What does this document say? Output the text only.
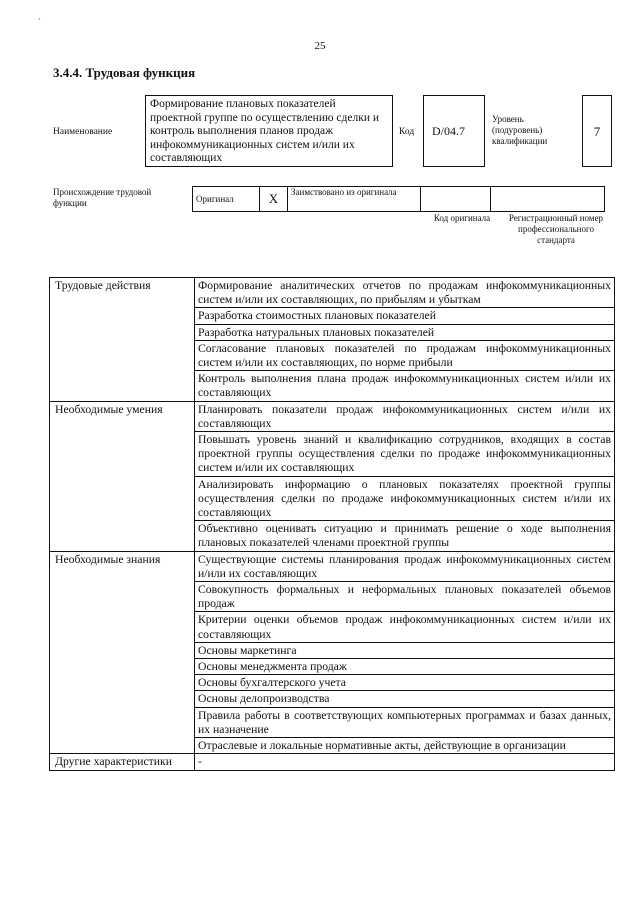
·
25
3.4.4. Трудовая функция
Наименование
Формирование плановых показателей проектной группе по осуществлению сделки и контроль выполнения планов продаж инфокоммуникационных систем и/или их составляющих
Код	D/04.7
Уровень (подуровень) квалификации
7
Происхождение трудовой функции	Оригинал	X	Заимствовано из оригинала		
Код оригинала	Регистрационный номер профессионального стандарта
Трудовые действия	Формирование аналитических отчетов по продажам инфокоммуникационных систем и/или их составляющих, по прибылям и убыткам
	Разработка стоимостных плановых показателей
	Разработка натуральных плановых показателей
	Согласование плановых показателей по продажам инфокоммуникационных систем и/или их составляющих, по норме прибыли
	Контроль выполнения плана продаж инфокоммуникационных систем и/или их составляющих
Необходимые умения	Планировать показатели продаж инфокоммуникационных систем и/или их составляющих
	Повышать уровень знаний и квалификацию сотрудников, входящих в состав проектной группы осуществления сделки по продаже инфокоммуникационных систем и/или их составляющих
	Анализировать информацию о плановых показателях проектной группы осуществления сделки по продаже инфокоммуникационных систем и/или их составляющих
	Объективно оценивать ситуацию и принимать решение о ходе выполнения плановых показателей членами проектной группы
Необходимые знания	Существующие системы планирования продаж инфокоммуникационных систем и/или их составляющих
	Совокупность формальных и неформальных плановых показателей объемов продаж
	Критерии оценки объемов продаж инфокоммуникационных систем и/или их составляющих
	Основы маркетинга
	Основы менеджмента продаж
	Основы бухгалтерского учета
	Основы делопроизводства
	Правила работы в соответствующих компьютерных программах и базах данных, их назначение
	Отраслевые и локальные нормативные акты, действующие в организации
Другие характеристики	-
